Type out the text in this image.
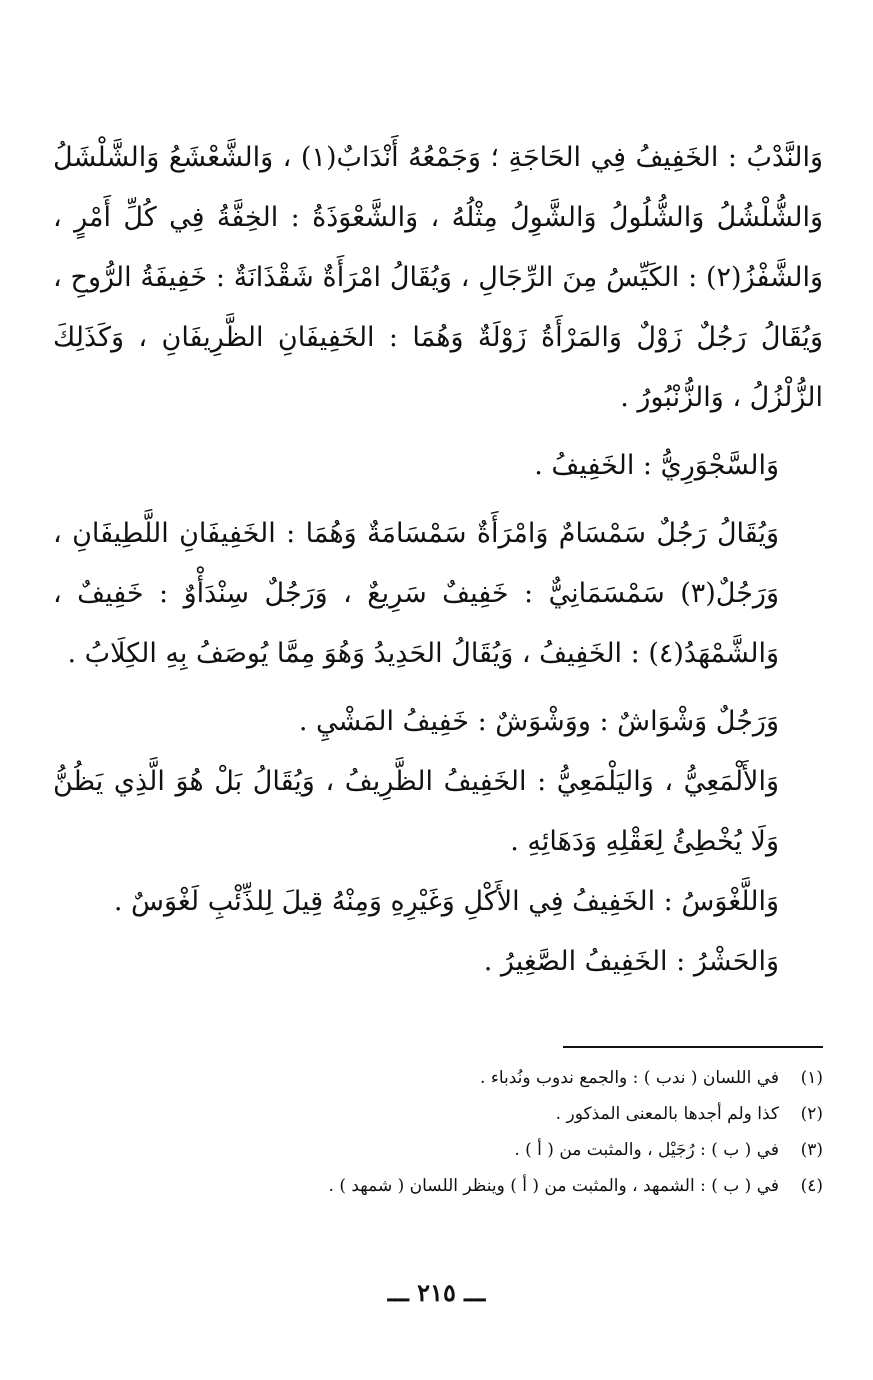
وَالنَّدْبُ : الخَفِيفُ فِي الحَاجَةِ ؛ وَجَمْعُهُ أَنْدَابٌ(١) ، وَالشَّعْشَعُ وَالشَّلْشَلُ وَالشُّلْشُلُ وَالشُّلُولُ وَالشَّوِلُ مِثْلُهُ ، وَالشَّعْوَذَةُ : الخِفَّةُ فِي كُلِّ أَمْرٍ ، وَالشَّفْزُ(٢) : الكَيِّسُ مِنَ الرِّجَالِ ، وَيُقَالُ امْرَأَةٌ شَقْذَانَةٌ : خَفِيفَةُ الرُّوحِ ، وَيُقَالُ رَجُلٌ زَوْلٌ وَالمَرْأَةُ زَوْلَةٌ وَهُمَا : الخَفِيفَانِ الظَّرِيفَانِ ، وَكَذَلِكَ الزُّلْزُلُ ، وَالزُّنْبُورُ .

وَالسَّجْوَرِيُّ : الخَفِيفُ .

وَيُقَالُ رَجُلٌ سَمْسَامٌ وَامْرَأَةٌ سَمْسَامَةٌ وَهُمَا : الخَفِيفَانِ اللَّطِيفَانِ ، وَرَجُلٌ(٣) سَمْسَمَانِيٌّ : خَفِيفٌ سَرِيعٌ ، وَرَجُلٌ سِنْدَأْوٌ : خَفِيفٌ ، وَالشَّمْهَدُ(٤) : الخَفِيفُ ، وَيُقَالُ الحَدِيدُ وَهُوَ مِمَّا يُوصَفُ بِهِ الكِلَابُ .

وَرَجُلٌ وَشْوَاشٌ : ووَشْوَشٌ : خَفِيفُ المَشْيِ .

وَالأَلْمَعِيُّ ، وَاليَلْمَعِيُّ : الخَفِيفُ الظَّرِيفُ ، وَيُقَالُ بَلْ هُوَ الَّذِي يَظُنُّ وَلَا يُخْطِئُ لِعَقْلِهِ وَدَهَائِهِ .

وَاللَّغْوَسُ : الخَفِيفُ فِي الأَكْلِ وَغَيْرِهِ وَمِنْهُ قِيلَ لِلذِّئْبِ لَغْوَسٌ .

وَالحَشْرُ : الخَفِيفُ الصَّغِيرُ .

(١)
في اللسان ( ندب ) : والجمع ندوب ونُدباء .
(٢)
كذا ولم أجدها بالمعنى المذكور .
(٣)
في ( ب ) : رُجَيْل ، والمثبت من ( أ ) .
(٤)
في ( ب ) : الشمهد ، والمثبت من ( أ ) وينظر اللسان ( شمهد ) .
ـــ ٢١٥ ـــ
